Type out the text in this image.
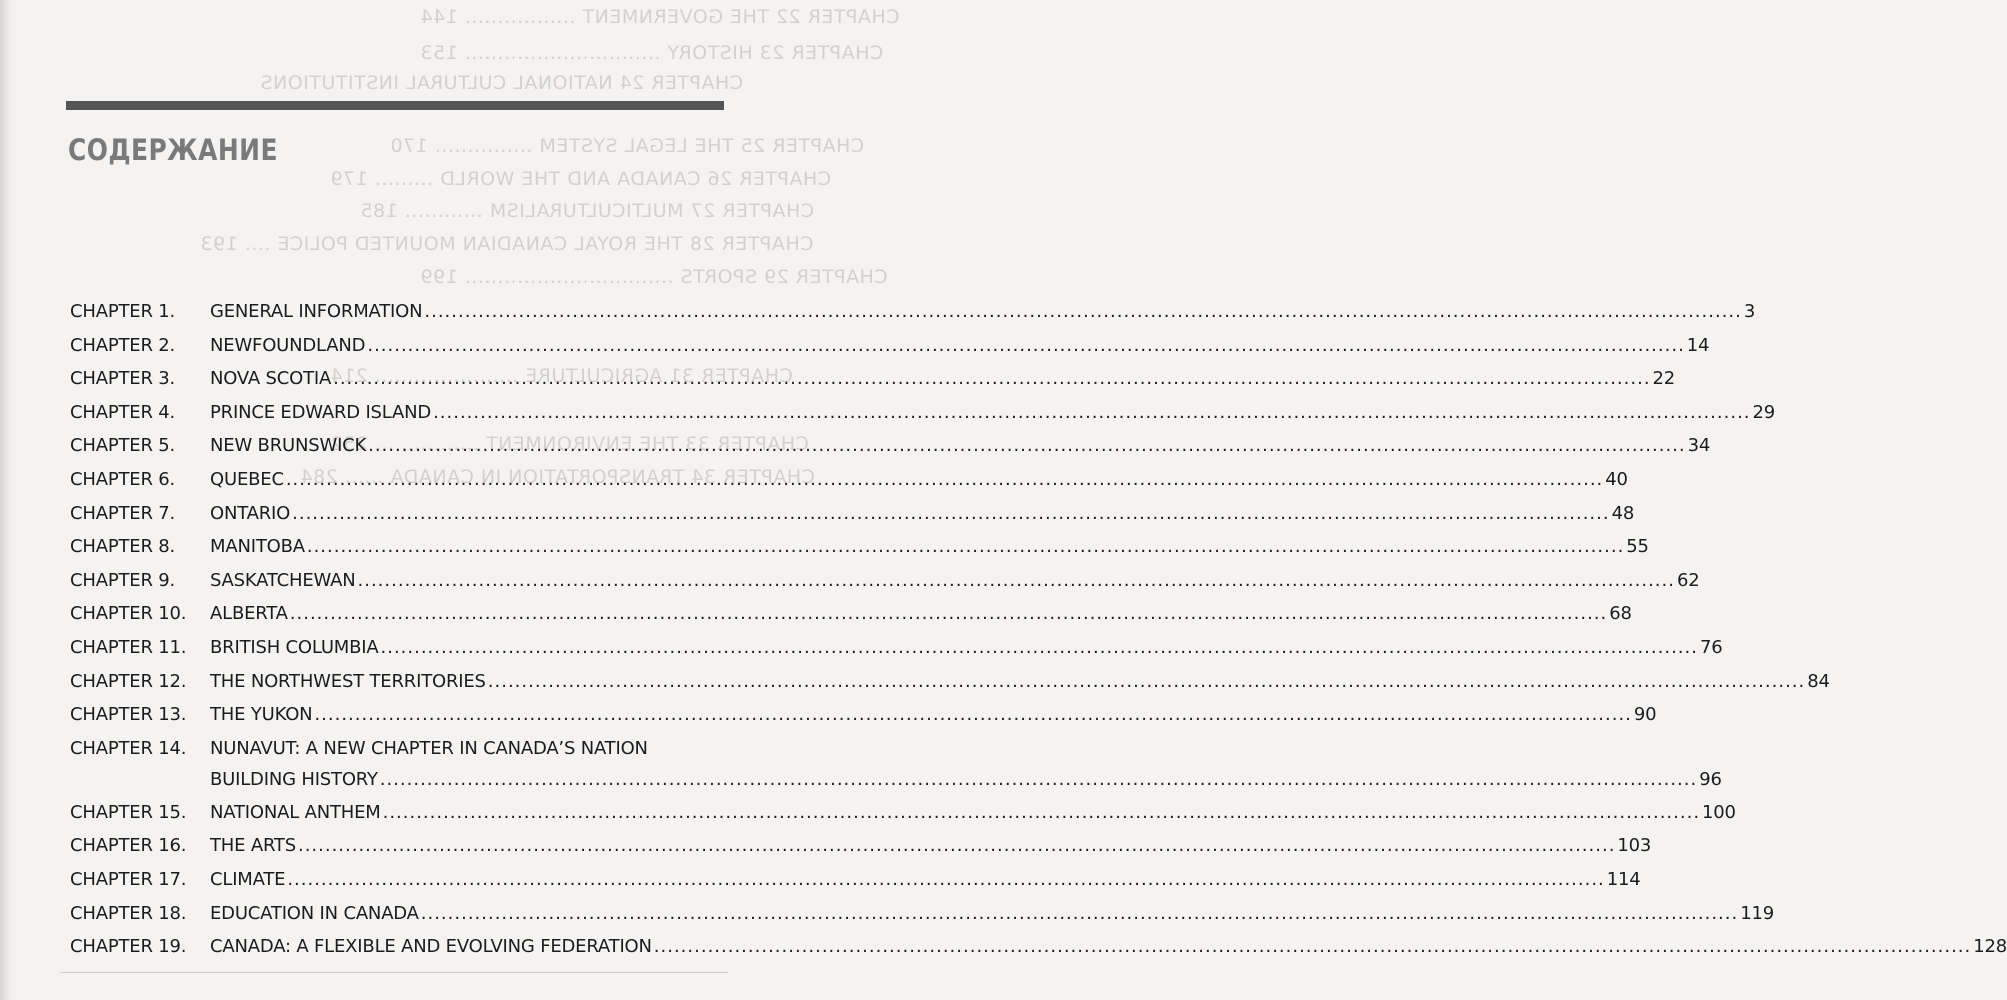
CHAPTER 22 THE GOVERNMENT ................. 144
CHAPTER 23 HISTORY .............................. 153
CHAPTER 24 NATIONAL CULTURAL INSTITUTIONS
CHAPTER 25 THE LEGAL SYSTEM ............... 170
CHAPTER 26 CANADA AND THE WORLD ......... 179
CHAPTER 27 MULTICULTURALISM ............ 185
CHAPTER 28 THE ROYAL CANADIAN MOUNTED POLICE .... 193
CHAPTER 29 SPORTS ................................ 199
CHAPTER 31 AGRICULTURE ...................... 214
CHAPTER 33 THE ENVIRONMENT ................ 252
CHAPTER 34 TRANSPORTATION IN CANADA ...... 284
СОДЕРЖАНИЕ
CHAPTER 1.	GENERAL INFORMATION .....	3
CHAPTER 2.	NEWFOUNDLAND .....	14
CHAPTER 3.	NOVA SCOTIA .....	22
CHAPTER 4.	PRINCE EDWARD ISLAND .....	29
CHAPTER 5.	NEW BRUNSWICK .....	34
CHAPTER 6.	QUEBEC .....	40
CHAPTER 7.	ONTARIO .....	48
CHAPTER 8.	MANITOBA .....	55
CHAPTER 9.	SASKATCHEWAN .....	62
CHAPTER 10.	ALBERTA .....	68
CHAPTER 11.	BRITISH COLUMBIA .....	76
CHAPTER 12.	THE NORTHWEST TERRITORIES .....	84
CHAPTER 13.	THE YUKON .....	90
CHAPTER 14.	NUNAVUT: A NEW CHAPTER IN CANADA’S NATION
BUILDING HISTORY .....	96
CHAPTER 15.	NATIONAL ANTHEM .....	100
CHAPTER 16.	THE ARTS .....	103
CHAPTER 17.	CLIMATE .....	114
CHAPTER 18.	EDUCATION IN CANADA .....	119
CHAPTER 19.	CANADA: A FLEXIBLE AND EVOLVING FEDERATION .....	128
